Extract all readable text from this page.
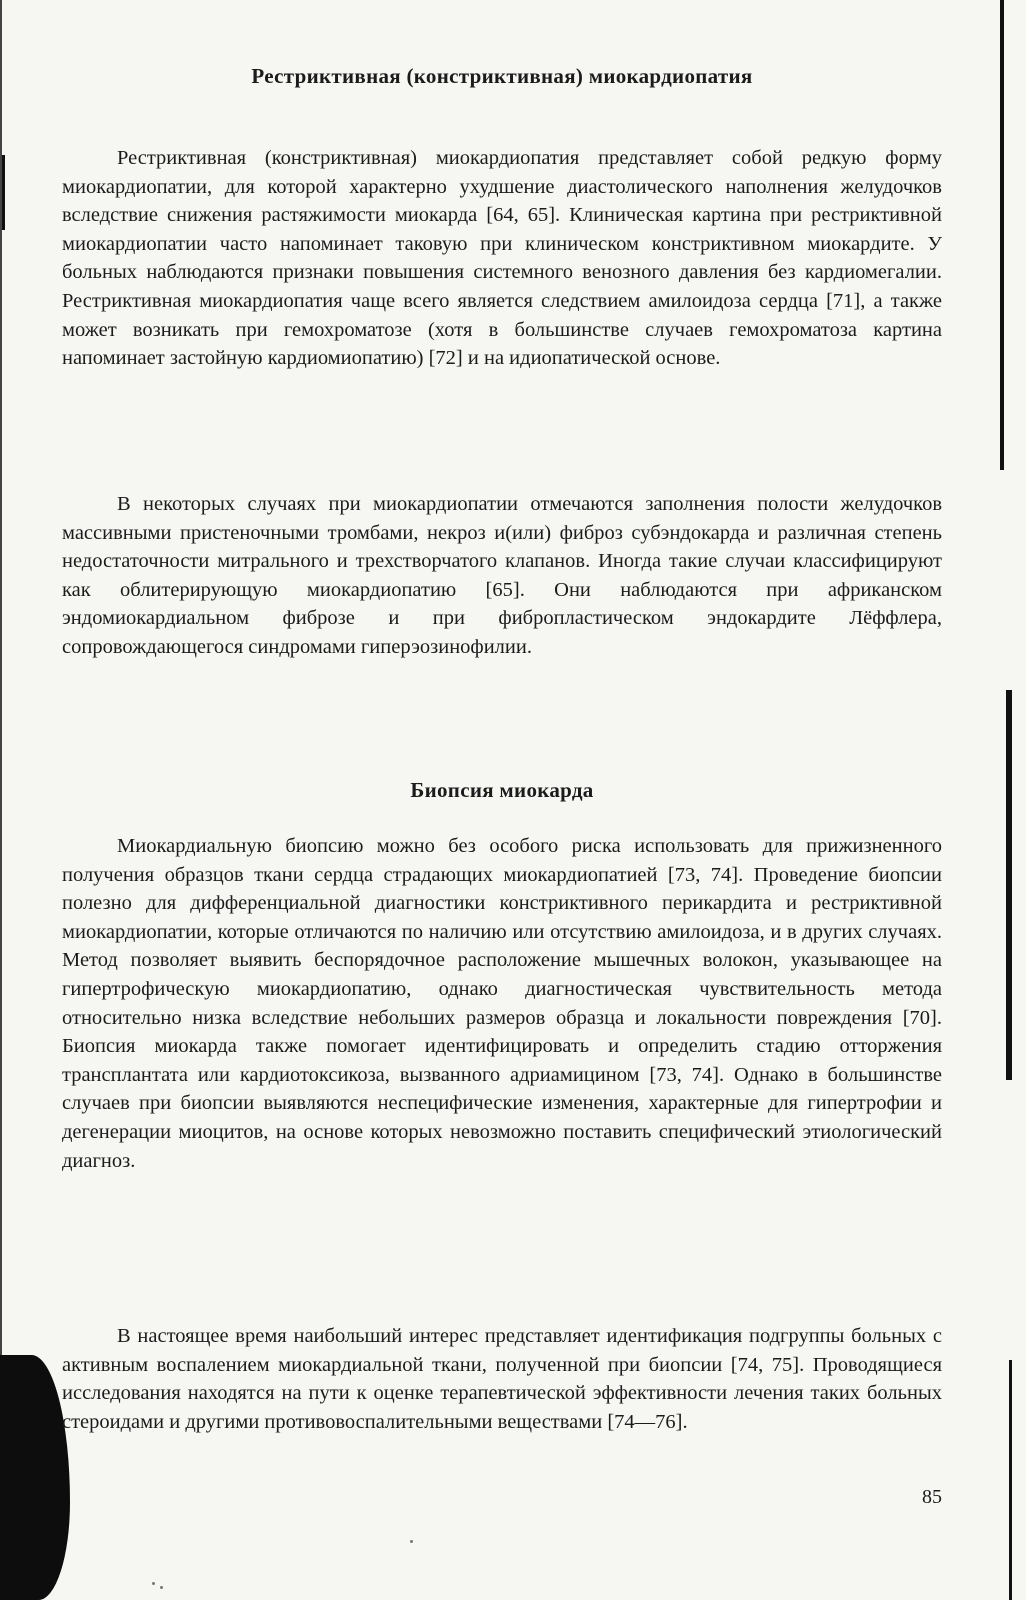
Рестриктивная (констриктивная) миокардиопатия

Рестриктивная (констриктивная) миокардиопатия представляет собой редкую форму миокардиопатии, для которой характерно ухудшение диастолического наполнения желудочков вследствие снижения растяжимости миокарда [64, 65]. Клиническая картина при рестриктивной миокардиопатии часто напоминает таковую при клиническом констриктивном миокардите. У больных наблюдаются признаки повышения системного венозного давления без кардиомегалии. Рестриктивная миокардиопатия чаще всего является следствием амилоидоза сердца [71], а также может возникать при гемохроматозе (хотя в большинстве случаев гемохроматоза картина напоминает застойную кардиомиопатию) [72] и на идиопатической основе.

В некоторых случаях при миокардиопатии отмечаются заполнения полости желудочков массивными пристеночными тромбами, некроз и(или) фиброз субэндокарда и различная степень недостаточности митрального и трехстворчатого клапанов. Иногда такие случаи классифицируют как облитерирующую миокардиопатию [65]. Они наблюдаются при африканском эндомиокардиальном фиброзе и при фибропластическом эндокардите Лёффлера, сопровождающегося синдромами гиперэозинофилии.

Биопсия миокарда

Миокардиальную биопсию можно без особого риска использовать для прижизненного получения образцов ткани сердца страдающих миокардиопатией [73, 74]. Проведение биопсии полезно для дифференциальной диагностики констриктивного перикардита и рестриктивной миокардиопатии, которые отличаются по наличию или отсутствию амилоидоза, и в других случаях. Метод позволяет выявить беспорядочное расположение мышечных волокон, указывающее на гипертрофическую миокардиопатию, однако диагностическая чувствительность метода относительно низка вследствие небольших размеров образца и локальности повреждения [70]. Биопсия миокарда также помогает идентифицировать и определить стадию отторжения трансплантата или кардиотоксикоза, вызванного адриамицином [73, 74]. Однако в большинстве случаев при биопсии выявляются неспецифические изменения, характерные для гипертрофии и дегенерации миоцитов, на основе которых невозможно поставить специфический этиологический диагноз.

В настоящее время наибольший интерес представляет идентификация подгруппы больных с активным воспалением миокардиальной ткани, полученной при биопсии [74, 75]. Проводящиеся исследования находятся на пути к оценке терапевтической эффективности лечения таких больных стероидами и другими противовоспалительными веществами [74—76].

85
